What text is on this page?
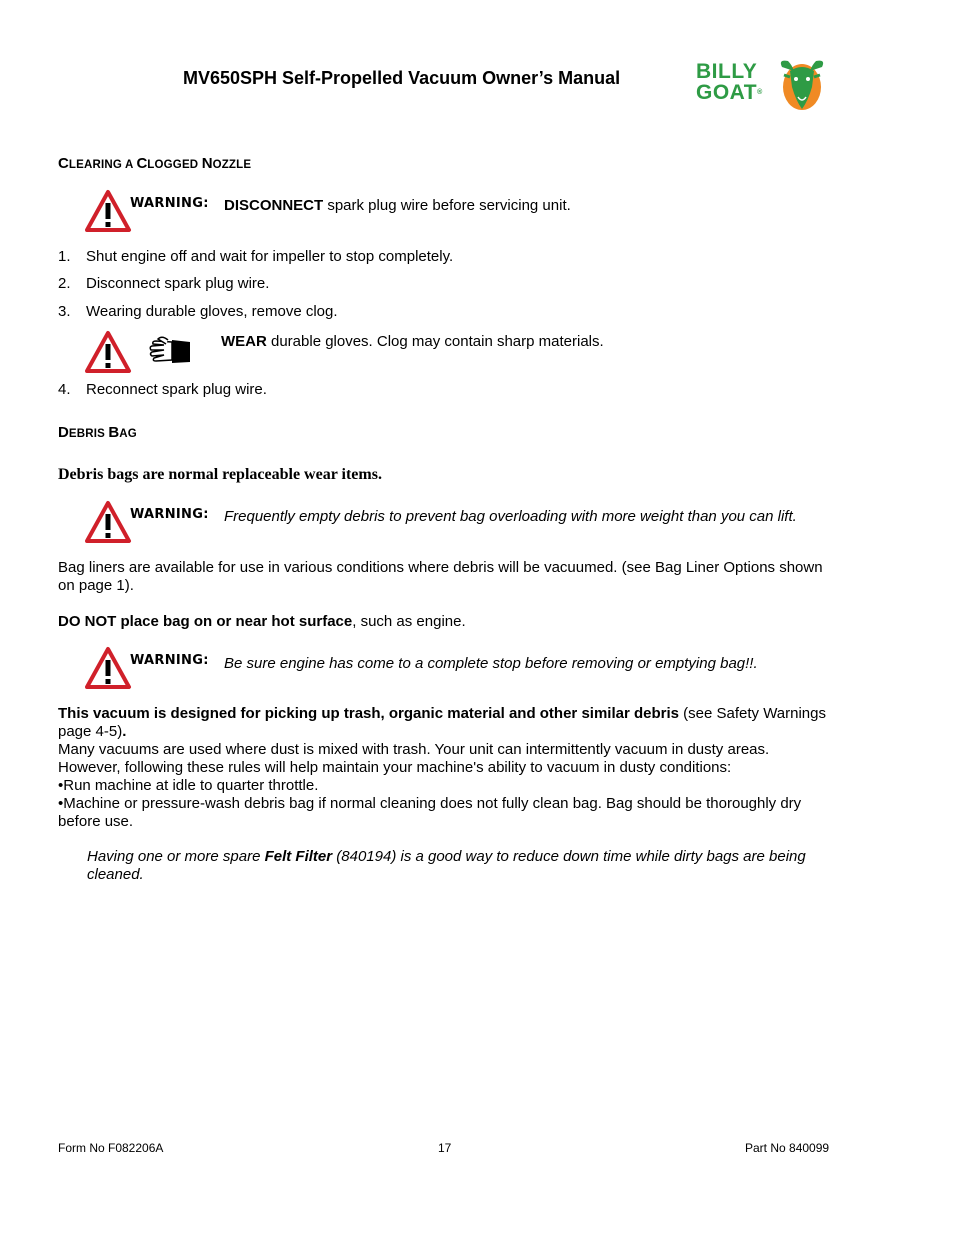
MV650SPH Self-Propelled Vacuum Owner’s Manual	BILLY
GOAT®
CLEARING A CLOGGED NOZZLE
WARNING: DISCONNECT spark plug wire before servicing unit.
1. Shut engine off and wait for impeller to stop completely.
2. Disconnect spark plug wire.
3. Wearing durable gloves, remove clog.
WEAR durable gloves. Clog may contain sharp materials.
4. Reconnect spark plug wire.
DEBRIS BAG
Debris bags are normal replaceable wear items.
WARNING: Frequently empty debris to prevent bag overloading with more weight than you can lift.
Bag liners are available for use in various conditions where debris will be vacuumed. (see Bag Liner Options shown
on page 1).
DO NOT place bag on or near hot surface, such as engine.
WARNING: Be sure engine has come to a complete stop before removing or emptying bag!!.
This vacuum is designed for picking up trash, organic material and other similar debris (see Safety Warnings
page 4-5).
Many vacuums are used where dust is mixed with trash. Your unit can intermittently vacuum in dusty areas.
However, following these rules will help maintain your machine's ability to vacuum in dusty conditions:
•Run machine at idle to quarter throttle.
•Machine or pressure-wash debris bag if normal cleaning does not fully clean bag. Bag should be thoroughly dry
before use.
Having one or more spare Felt Filter (840194) is a good way to reduce down time while dirty bags are being
cleaned.
Form No F082206A	17	Part No 840099
